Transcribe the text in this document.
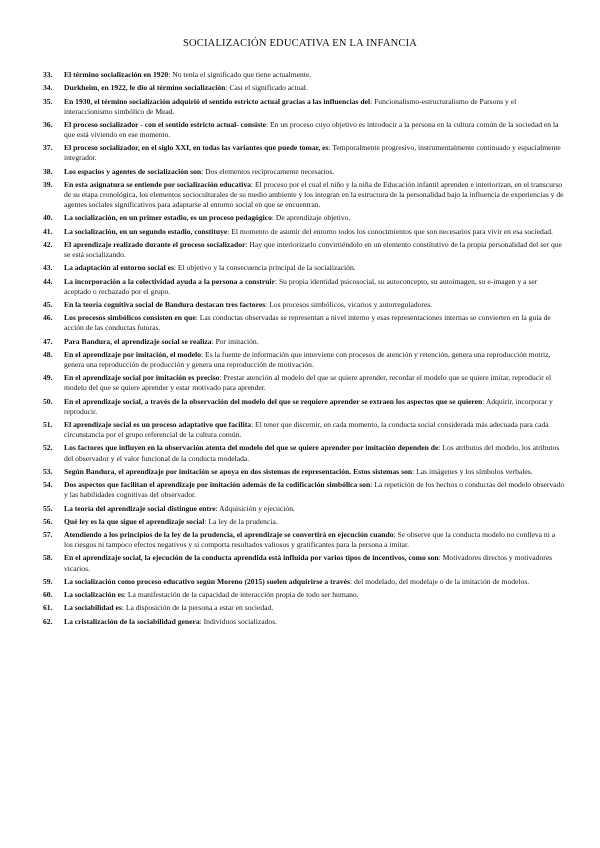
SOCIALIZACIÓN EDUCATIVA EN LA INFANCIA
33. El término socialización en 1920: No tenía el significado que tiene actualmente.
34. Durkheim, en 1922, le dio al término socialización: Casi el significado actual.
35. En 1930, el término socialización adquirió el sentido estricto actual gracias a las influencias del: Funcionalismo-estructuralismo de Parsons y el interaccionismo simbólico de Mead.
36. El proceso socializador - con el sentido estricto actual- consiste: En un proceso cuyo objetivo es introducir a la persona en la cultura común de la sociedad en la que está viviendo en ese momento.
37. El proceso socializador, en el siglo XXI, en todas las variantes que puede tomar, es: Temporalmente progresivo, instrumentalmente continuado y espacialmente integrador.
38. Los espacios y agentes de socialización son: Dos elementos recíprocamente necesarios.
39. En esta asignatura se entiende por socialización educativa: El proceso por el cual el niño y la niña de Educación infantil aprenden e interiorizan, en el transcurso de su etapa cronológica, los elementos socioculturales de su medio ambiente y los integran en la estructura de la personalidad bajo la influencia de experiencias y de agentes sociales significativos para adaptarse al entorno social en que se encuentran.
40. La socialización, en un primer estadio, es un proceso pedagógico: De aprendizaje objetivo.
41. La socialización, en un segundo estadio, constituye: El momento de asumir del entorno todos los conocimientos que son necesarios para vivir en esa sociedad.
42. El aprendizaje realizado durante el proceso socializador: Hay que interiorizarlo convirtiéndolo en un elemento constitutivo de la propia personalidad del ser que se está socializando.
43. La adaptación al entorno social es: El objetivo y la consecuencia principal de la socialización.
44. La incorporación a la colectividad ayuda a la persona a construir: Su propia identidad psicosocial, su autoconcepto, su autoimagen, su e-imagen y a ser aceptado o rechazado por el grupo.
45. En la teoría cognitiva social de Bandura destacan tres factores: Los procesos simbólicos, vicarios y autorreguladores.
46. Los procesos simbólicos consisten en que: Las conductas observadas se representan a nivel interno y esas representaciones internas se convierten en la guía de acción de las conductas futuras.
47. Para Bandura, el aprendizaje social se realiza: Por imitación.
48. En el aprendizaje por imitación, el modelo: Es la fuente de información que interviene con procesos de atención y retención, genera una reproducción motriz, genera una reproducción de producción y genera una reproducción de motivación.
49. En el aprendizaje social por imitación es preciso: Prestar atención al modelo del que se quiere aprender, recordar el modelo que se quiere imitar, reproducir el modelo del que se quiere aprender y estar motivado para aprender.
50. En el aprendizaje social, a través de la observación del modelo del que se requiere aprender se extraen los aspectos que se quieren: Adquirir, incorporar y reproducir.
51. El aprendizaje social es un proceso adaptativo que facilita: El tener que discernir, en cada momento, la conducta social considerada más adecuada para cada circunstancia por el grupo referencial de la cultura común.
52. Los factores que influyen en la observación atenta del modelo del que se quiere aprender por imitación dependen de: Los atributos del modelo, los atributos del observador y el valor funcional de la conducta modelada.
53. Según Bandura, el aprendizaje por imitación se apoya en dos sistemas de representación. Estos sistemas son: Las imágenes y los símbolos verbales.
54. Dos aspectos que facilitan el aprendizaje por imitación además de la codificación simbólica son: La repetición de los hechos o conductas del modelo observado y las habilidades cognitivas del observador.
55. La teoría del aprendizaje social distingue entre: Adquisición y ejecución.
56. Qué ley es la que sigue el aprendizaje social: La ley de la prudencia.
57. Atendiendo a los principios de la ley de la prudencia, el aprendizaje se convertirá en ejecución cuando: Se observe que la conducta modelo no conlleva ni a los riesgos ni tampoco efectos negativos y si comporta resultados valiosos y gratificantes para la persona a imitar.
58. En el aprendizaje social, la ejecución de la conducta aprendida está influida por varios tipos de incentivos, como son: Motivadores directos y motivadores vicarios.
59. La socialización como proceso educativo según Moreno (2015) suelen adquirirse a través: del modelado, del modelaje o de la imitación de modelos.
60. La socialización es: La manifestación de la capacidad de interacción propia de todo ser humano.
61. La sociabilidad es: La disposición de la persona a estar en sociedad.
62. La cristalización de la sociabilidad genera: Individuos socializados.
